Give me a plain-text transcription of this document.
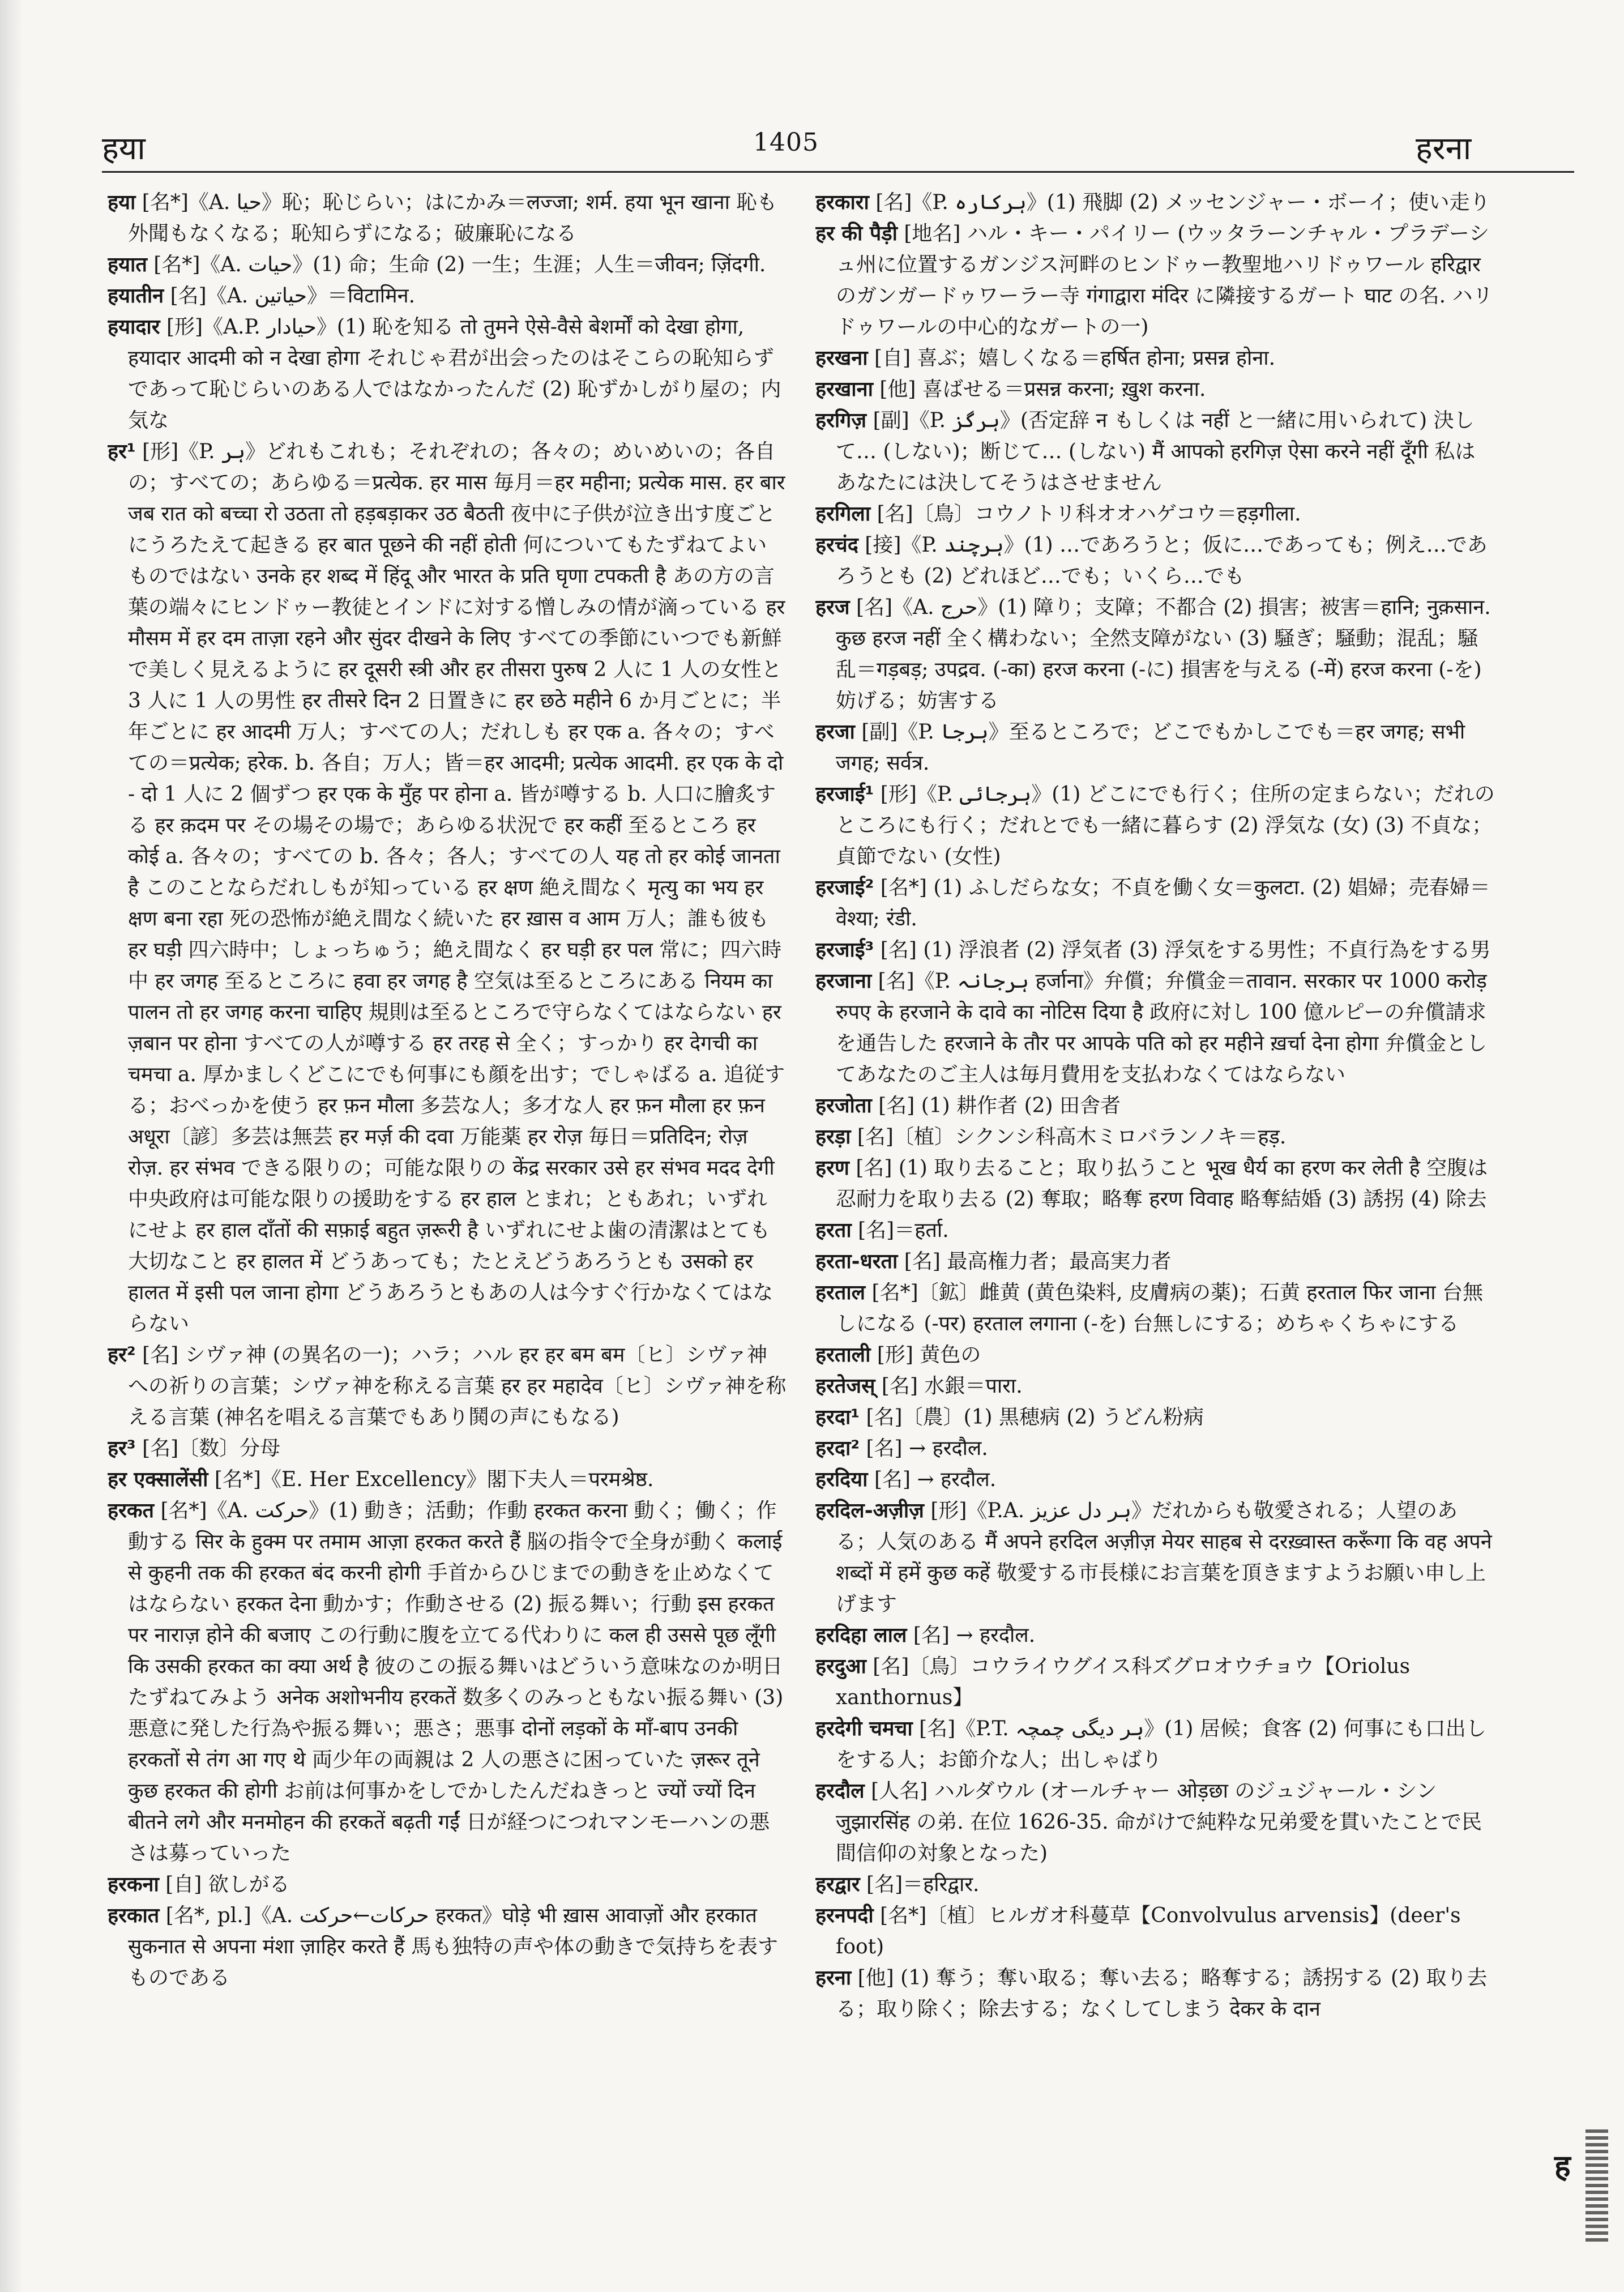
हया	1405	हरना

हया [名*]《A. حیا》恥；恥じらい；はにかみ＝लज्जा; शर्म. हया भून खाना 恥も外聞もなくなる；恥知らずになる；破廉恥になる

हयात [名*]《A. حیات》(1) 命；生命 (2) 一生；生涯；人生＝जीवन; ज़िंदगी.

हयातीन [名]《A. حیاتین》＝विटामिन.

हयादार [形]《A.P. حیادار》(1) 恥を知る तो तुमने ऐसे-वैसे बेशर्मों को देखा होगा, हयादार आदमी को न देखा होगा それじゃ君が出会ったのはそこらの恥知らずであって恥じらいのある人ではなかったんだ (2) 恥ずかしがり屋の；内気な

हर¹ [形]《P. ہر》どれもこれも；それぞれの；各々の；めいめいの；各自の；すべての；あらゆる＝प्रत्येक. हर मास 毎月＝हर महीना; प्रत्येक मास. हर बार जब रात को बच्चा रो उठता तो हड़बड़ाकर उठ बैठती 夜中に子供が泣き出す度ごとにうろたえて起きる हर बात पूछने की नहीं होती 何についてもたずねてよいものではない उनके हर शब्द में हिंदू और भारत के प्रति घृणा टपकती है あの方の言葉の端々にヒンドゥー教徒とインドに対する憎しみの情が滴っている हर मौसम में हर दम ताज़ा रहने और सुंदर दीखने के लिए すべての季節にいつでも新鮮で美しく見えるように हर दूसरी स्त्री और हर तीसरा पुरुष 2 人に 1 人の女性と 3 人に 1 人の男性 हर तीसरे दिन 2 日置きに हर छठे महीने 6 か月ごとに；半年ごとに हर आदमी 万人；すべての人；だれしも हर एक a. 各々の；すべての＝प्रत्येक; हरेक. b. 各自；万人；皆＝हर आदमी; प्रत्येक आदमी. हर एक के दो - दो 1 人に 2 個ずつ हर एक के मुँह पर होना a. 皆が噂する b. 人口に膾炙する हर क़दम पर その場その場で；あらゆる状況で हर कहीं 至るところ हर कोई a. 各々の；すべての b. 各々；各人；すべての人 यह तो हर कोई जानता है このことならだれしもが知っている हर क्षण 絶え間なく मृत्यु का भय हर क्षण बना रहा 死の恐怖が絶え間なく続いた हर ख़ास व आम 万人；誰も彼も हर घड़ी 四六時中；しょっちゅう；絶え間なく हर घड़ी हर पल 常に；四六時中 हर जगह 至るところに हवा हर जगह है 空気は至るところにある नियम का पालन तो हर जगह करना चाहिए 規則は至るところで守らなくてはならない हर ज़बान पर होना すべての人が噂する हर तरह से 全く；すっかり हर देगची का चमचा a. 厚かましくどこにでも何事にも顔を出す；でしゃばる a. 追従する；おべっかを使う हर फ़न मौला 多芸な人；多才な人 हर फ़न मौला हर फ़न अधूरा〔諺〕多芸は無芸 हर मर्ज़ की दवा 万能薬 हर रोज़ 毎日＝प्रतिदिन; रोज़ रोज़. हर संभव できる限りの；可能な限りの केंद्र सरकार उसे हर संभव मदद देगी 中央政府は可能な限りの援助をする हर हाल とまれ；ともあれ；いずれにせよ हर हाल दाँतों की सफ़ाई बहुत ज़रूरी है いずれにせよ歯の清潔はとても大切なこと हर हालत में どうあっても；たとえどうあろうとも उसको हर हालत में इसी पल जाना होगा どうあろうともあの人は今すぐ行かなくてはならない

हर² [名] シヴァ神 (の異名の一)；ハラ；ハル हर हर बम बम〔ヒ〕シヴァ神への祈りの言葉；シヴァ神を称える言葉 हर हर महादेव〔ヒ〕シヴァ神を称える言葉 (神名を唱える言葉でもあり鬨の声にもなる)

हर³ [名]〔数〕分母

हर एक्सालेंसी [名*]《E. Her Excellency》閣下夫人＝परमश्रेष्ठ.

हरकत [名*]《A. حرکت》(1) 動き；活動；作動 हरकत करना 動く；働く；作動する सिर के हुक्म पर तमाम आज़ा हरकत करते हैं 脳の指令で全身が動く कलाई से कुहनी तक की हरकत बंद करनी होगी 手首からひじまでの動きを止めなくてはならない हरकत देना 動かす；作動させる (2) 振る舞い；行動 इस हरकत पर नाराज़ होने की बजाए この行動に腹を立てる代わりに कल ही उससे पूछ लूँगी कि उसकी हरकत का क्या अर्थ है 彼のこの振る舞いはどういう意味なのか明日たずねてみよう अनेक अशोभनीय हरकतें 数多くのみっともない振る舞い (3) 悪意に発した行為や振る舞い；悪さ；悪事 दोनों लड़कों के माँ-बाप उनकी हरकतों से तंग आ गए थे 両少年の両親は 2 人の悪さに困っていた ज़रूर तूने कुछ हरकत की होगी お前は何事かをしでかしたんだねきっと ज्यों ज्यों दिन बीतने लगे और मनमोहन की हरकतें बढ़ती गईं 日が経つにつれマンモーハンの悪さは募っていった

हरकना [自] 欲しがる

हरकात [名*, pl.]《A. حرکات←حرکت हरकत》घोड़े भी ख़ास आवाज़ों और हरकात सुकनात से अपना मंशा ज़ाहिर करते हैं 馬も独特の声や体の動きで気持ちを表すものである

हरकारा [名]《P. ہرکارہ》(1) 飛脚 (2) メッセンジャー・ボーイ；使い走り

हर की पैड़ी [地名] ハル・キー・パイリー (ウッタラーンチャル・プラデーシュ州に位置するガンジス河畔のヒンドゥー教聖地ハリドゥワール हरिद्वार のガンガードゥワーラー寺 गंगाद्वारा मंदिर に隣接するガート घाट の名. ハリドゥワールの中心的なガートの一)

हरखना [自] 喜ぶ；嬉しくなる＝हर्षित होना; प्रसन्न होना.

हरखाना [他] 喜ばせる＝प्रसन्न करना; ख़ुश करना.

हरगिज़ [副]《P. ہرگز》(否定辞 न もしくは नहीं と一緒に用いられて) 決して… (しない)；断じて… (しない) मैं आपको हरगिज़ ऐसा करने नहीं दूँगी 私はあなたには決してそうはさせません

हरगिला [名]〔鳥〕コウノトリ科オオハゲコウ＝हड़गीला.

हरचंद [接]《P. ہرچند》(1) …であろうと；仮に…であっても；例え…であろうとも (2) どれほど…でも；いくら…でも

हरज [名]《A. حرج》(1) 障り；支障；不都合 (2) 損害；被害＝हानि; नुक़सान. कुछ हरज नहीं 全く構わない；全然支障がない (3) 騒ぎ；騒動；混乱；騒乱＝गड़बड़; उपद्रव. (-का) हरज करना (-に) 損害を与える (-में) हरज करना (-を) 妨げる；妨害する

हरजा [副]《P. ہرجا》至るところで；どこでもかしこでも＝हर जगह; सभी जगह; सर्वत्र.

हरजाई¹ [形]《P. ہرجائی》(1) どこにでも行く；住所の定まらない；だれのところにも行く；だれとでも一緒に暮らす (2) 浮気な (女) (3) 不貞な；貞節でない (女性)

हरजाई² [名*] (1) ふしだらな女；不貞を働く女＝कुलटा. (2) 娼婦；売春婦＝वेश्या; रंडी.

हरजाई³ [名] (1) 浮浪者 (2) 浮気者 (3) 浮気をする男性；不貞行為をする男

हरजाना [名]《P. ہرجانہ हर्जाना》弁償；弁償金＝तावान. सरकार पर 1000 करोड़ रुपए के हरजाने के दावे का नोटिस दिया है 政府に対し 100 億ルピーの弁償請求を通告した हरजाने के तौर पर आपके पति को हर महीने ख़र्चा देना होगा 弁償金としてあなたのご主人は毎月費用を支払わなくてはならない

हरजोता [名] (1) 耕作者 (2) 田舎者

हरड़ा [名]〔植〕シクンシ科高木ミロバランノキ＝हड़.

हरण [名] (1) 取り去ること；取り払うこと भूख धैर्य का हरण कर लेती है 空腹は忍耐力を取り去る (2) 奪取；略奪 हरण विवाह 略奪結婚 (3) 誘拐 (4) 除去

हरता [名]＝हर्ता.

हरता-धरता [名] 最高権力者；最高実力者

हरताल [名*]〔鉱〕雌黄 (黄色染料, 皮膚病の薬)；石黄 हरताल फिर जाना 台無しになる (-पर) हरताल लगाना (-を) 台無しにする；めちゃくちゃにする

हरताली [形] 黄色の

हरतेजस् [名] 水銀＝पारा.

हरदा¹ [名]〔農〕(1) 黒穂病 (2) うどん粉病

हरदा² [名] → हरदौल.

हरदिया [名] → हरदौल.

हरदिल-अज़ीज़ [形]《P.A. ہر دل عزیز》だれからも敬愛される；人望のある；人気のある मैं अपने हरदिल अज़ीज़ मेयर साहब से दरख़्वास्त करूँगा कि वह अपने शब्दों में हमें कुछ कहें 敬愛する市長様にお言葉を頂きますようお願い申し上げます

हरदिहा लाल [名] → हरदौल.

हरदुआ [名]〔鳥〕コウライウグイス科ズグロオウチョウ【Oriolus xanthornus】

हरदेगी चमचा [名]《P.T. ہر دیگی چمچہ》(1) 居候；食客 (2) 何事にも口出しをする人；お節介な人；出しゃばり

हरदौल [人名] ハルダウル (オールチャー ओड़छा のジュジャール・シン जुझारसिंह の弟. 在位 1626-35. 命がけで純粋な兄弟愛を貫いたことで民間信仰の対象となった)

हरद्वार [名]＝हरिद्वार.

हरनपदी [名*]〔植〕ヒルガオ科蔓草【Convolvulus arvensis】(deer's foot)

हरना [他] (1) 奪う；奪い取る；奪い去る；略奪する；誘拐する (2) 取り去る；取り除く；除去する；なくしてしまう देकर के दान

ह
